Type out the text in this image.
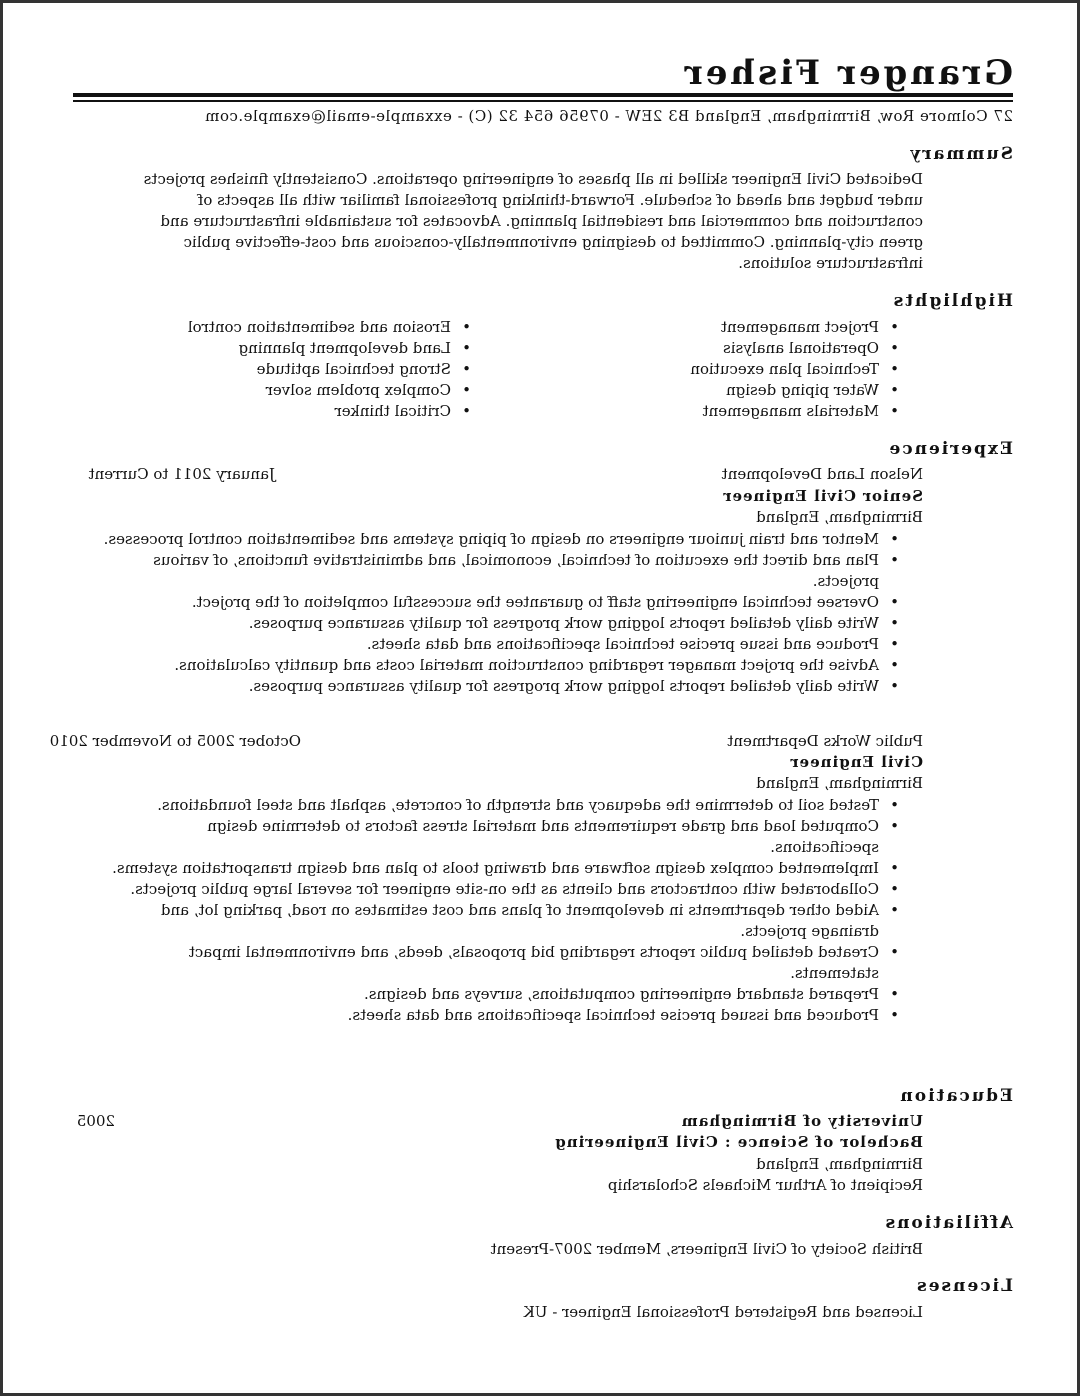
Granger Fisher
27 Colmore Row, Birmingham, England B3 2EW - 07956 654 32 (C) - exxample-email@example.com
Summary
Dedicated Civil Engineer skilled in all phases of engineering operations. Consistently finishes projects
under budget and ahead of schedule. Forward-thinking professional familiar with all aspects of
construction and commercial and residential planning. Advocates for sustainable infrastructure and
green city-planning. Committed to designing environmentally-conscious and cost-effective public
infrastructure solutions.
Highlights
• Project management
• Operational analysis
• Technical plan execution
• Water piping design
• Materials management
• Erosion and sedimentation control
• Land development planning
• Strong technical aptitude
• Complex problem solver
• Critical thinker
Experience
Nelson Land Development
January 2011 to Current
Senior Civil Engineer
Birmingham, England
• Mentor and train juniour engineers on design of piping systems and sedimentation control processes.
• Plan and direct the execution of technical, economical, and administrative functions, of various projects.
• Oversee technical engineering staff to guarantee the successful completion of the project.
• Write daily detailed reports logging work progress for quality assurance purposes.
• Produce and issue precise technical specifications and data sheets.
• Advise the project manager regarding construction material costs and quantity calculations.
• Write daily detailed reports logging work progress for quality assurance purposes.
Public Works Department
October 2005 to November 2010
Civil Engineer
Birmingham, England
• Tested soil to determine the adequacy and strength of concrete, asphalt and steel foundations.
• Computed load and grade requirements and material stress factors to determine design specifications.
• Implemented complex design software and drawing tools to plan and design transportation systems.
• Collaborated with contractors and clients as the on-site engineer for several large public projects.
• Aided other departments in development of plans and cost estimates on road, parking lot, and drainage projects.
• Created detailed public reports regarding bid proposals, deeds, and environmental impact statements.
• Prepared standard engineering computations, surveys and designs.
• Produced and issued precise technical specifications and data sheets.
Education
University of Birmingham
2005
Bachelor of Science : Civil Engineering
Birmingham, England
Recipient of Arthur Michaels Scholarship
Affiliations
British Society of Civil Engineers, Member 2007-Present
Licenses
Licensed and Registered Professional Engineer - UK
